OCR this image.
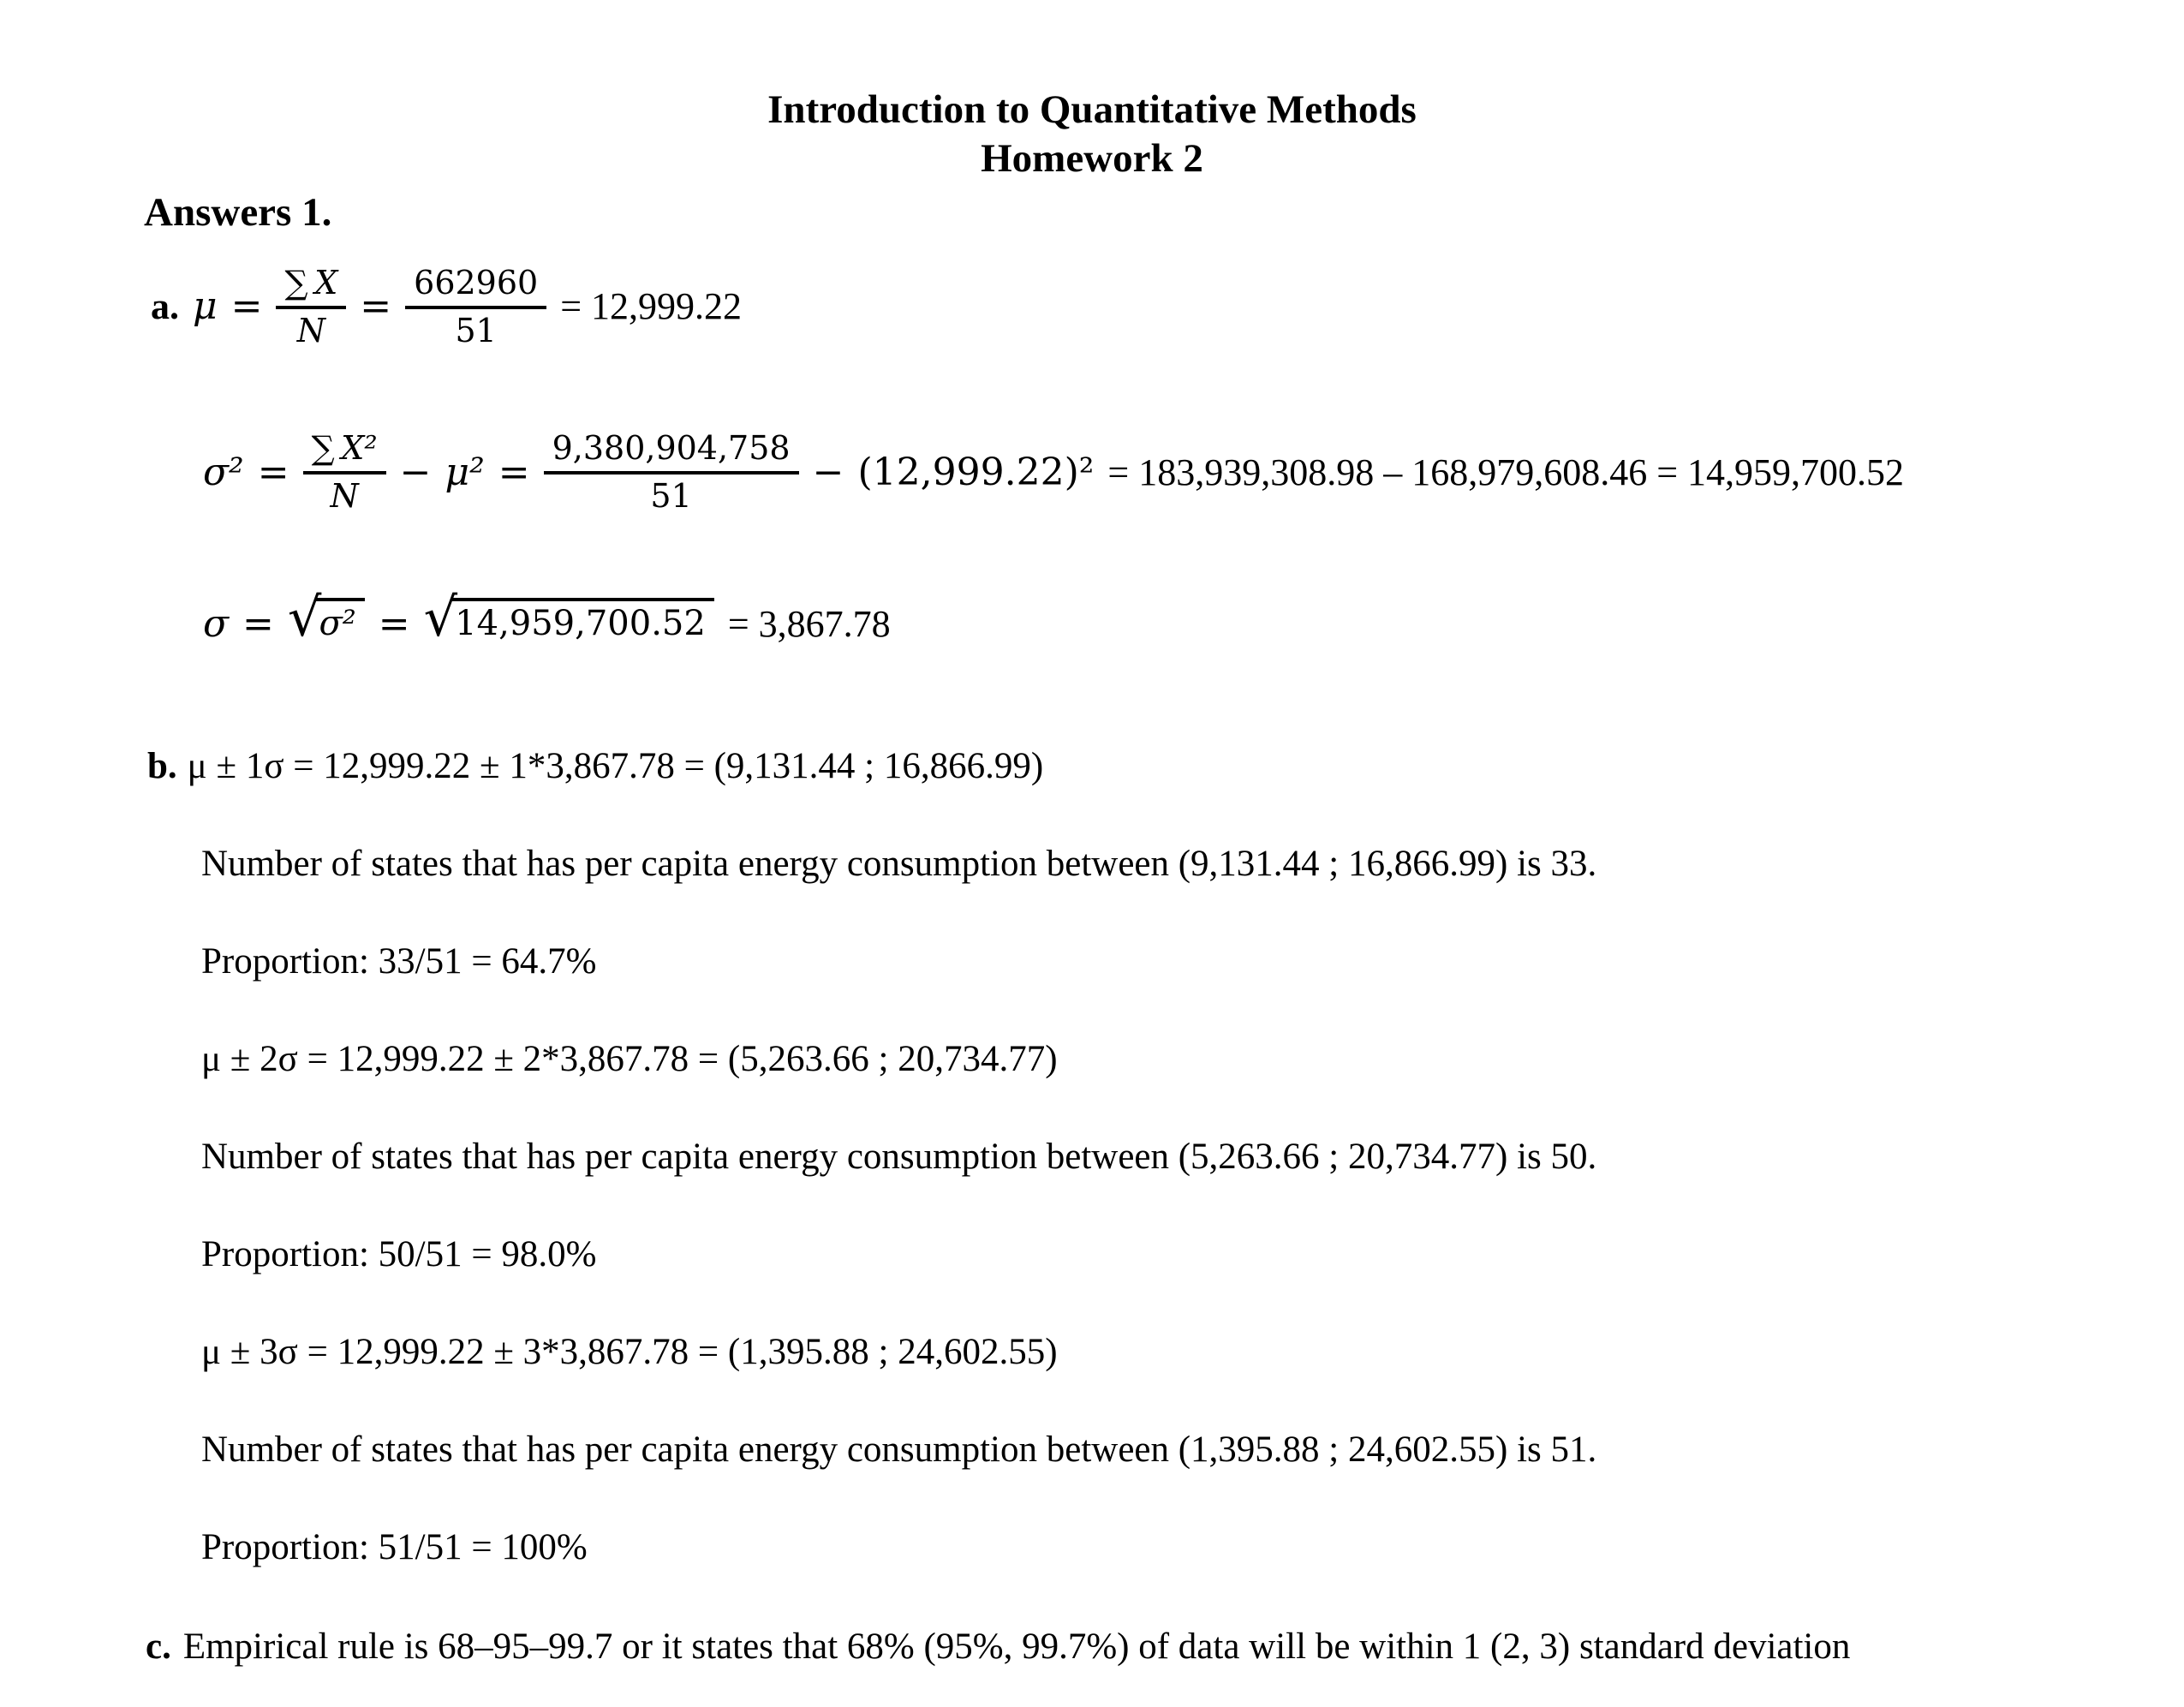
Introduction to Quantitative Methods
Homework 2
Answers 1.
a. $\mu = \frac{\sum X}{N} = \frac{662960}{51} = 12,999.22$
$\sigma^2 = \frac{\text{∑  X²}}{N} - \mu^2 = \frac{9,380,904,758}{51} - (12,999.22)^2 = 183,939,308.98 - 168,979,608.46 = 14,959,700.52$
σ = √
σ² = √
14,959,700.52 = 3,867.78
b. μ ± 1σ = 12,999.22 ± 1*3,867.78 = (9,131.44 ; 16,866.99)
Number of states that has per capita energy consumption between (9,131.44 ; 16,866.99) is 33.
Proportion: 33/51 = 64.7%
μ ± 2σ = 12,999.22 ± 2*3,867.78 = (5,263.66 ; 20,734.77)
Number of states that has per capita energy consumption between (5,263.66 ; 20,734.77) is 50.
Proportion: 50/51 = 98.0%
μ ± 3σ = 12,999.22 ± 3*3,867.78 = (1,395.88 ; 24,602.55)
Number of states that has per capita energy consumption between (1,395.88 ; 24,602.55) is 51.
Proportion: 51/51 = 100%
c. Empirical rule is 68–95–99.7 or it states that 68% (95%, 99.7%) of data will be within 1 (2, 3) standard deviation
